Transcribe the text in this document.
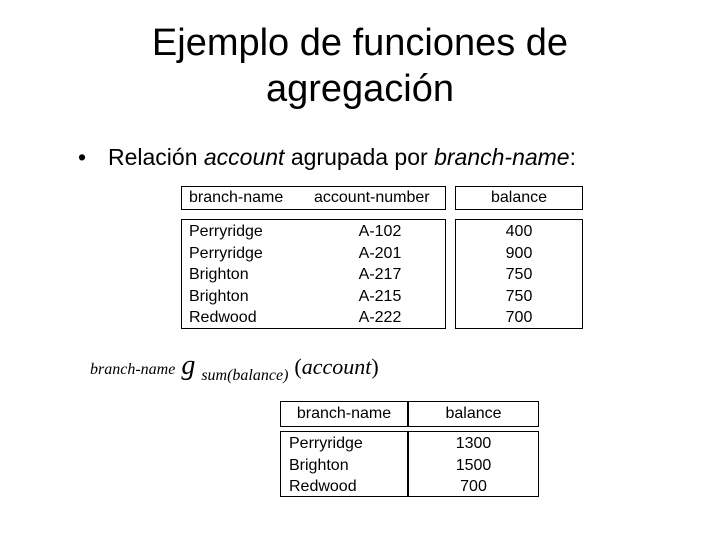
Ejemplo de funciones de
agregación
• Relación account agrupada por branch-name:
branch-name account-number	balance
Perryridge
Perryridge
Brighton
Brighton
Redwood
A-102
A-201
A-217
A-215
A-222
400
900
750
750
700
branch-name g sum(balance) (account)
branch-name	balance
Perryridge
Brighton
Redwood
1300
1500
700
